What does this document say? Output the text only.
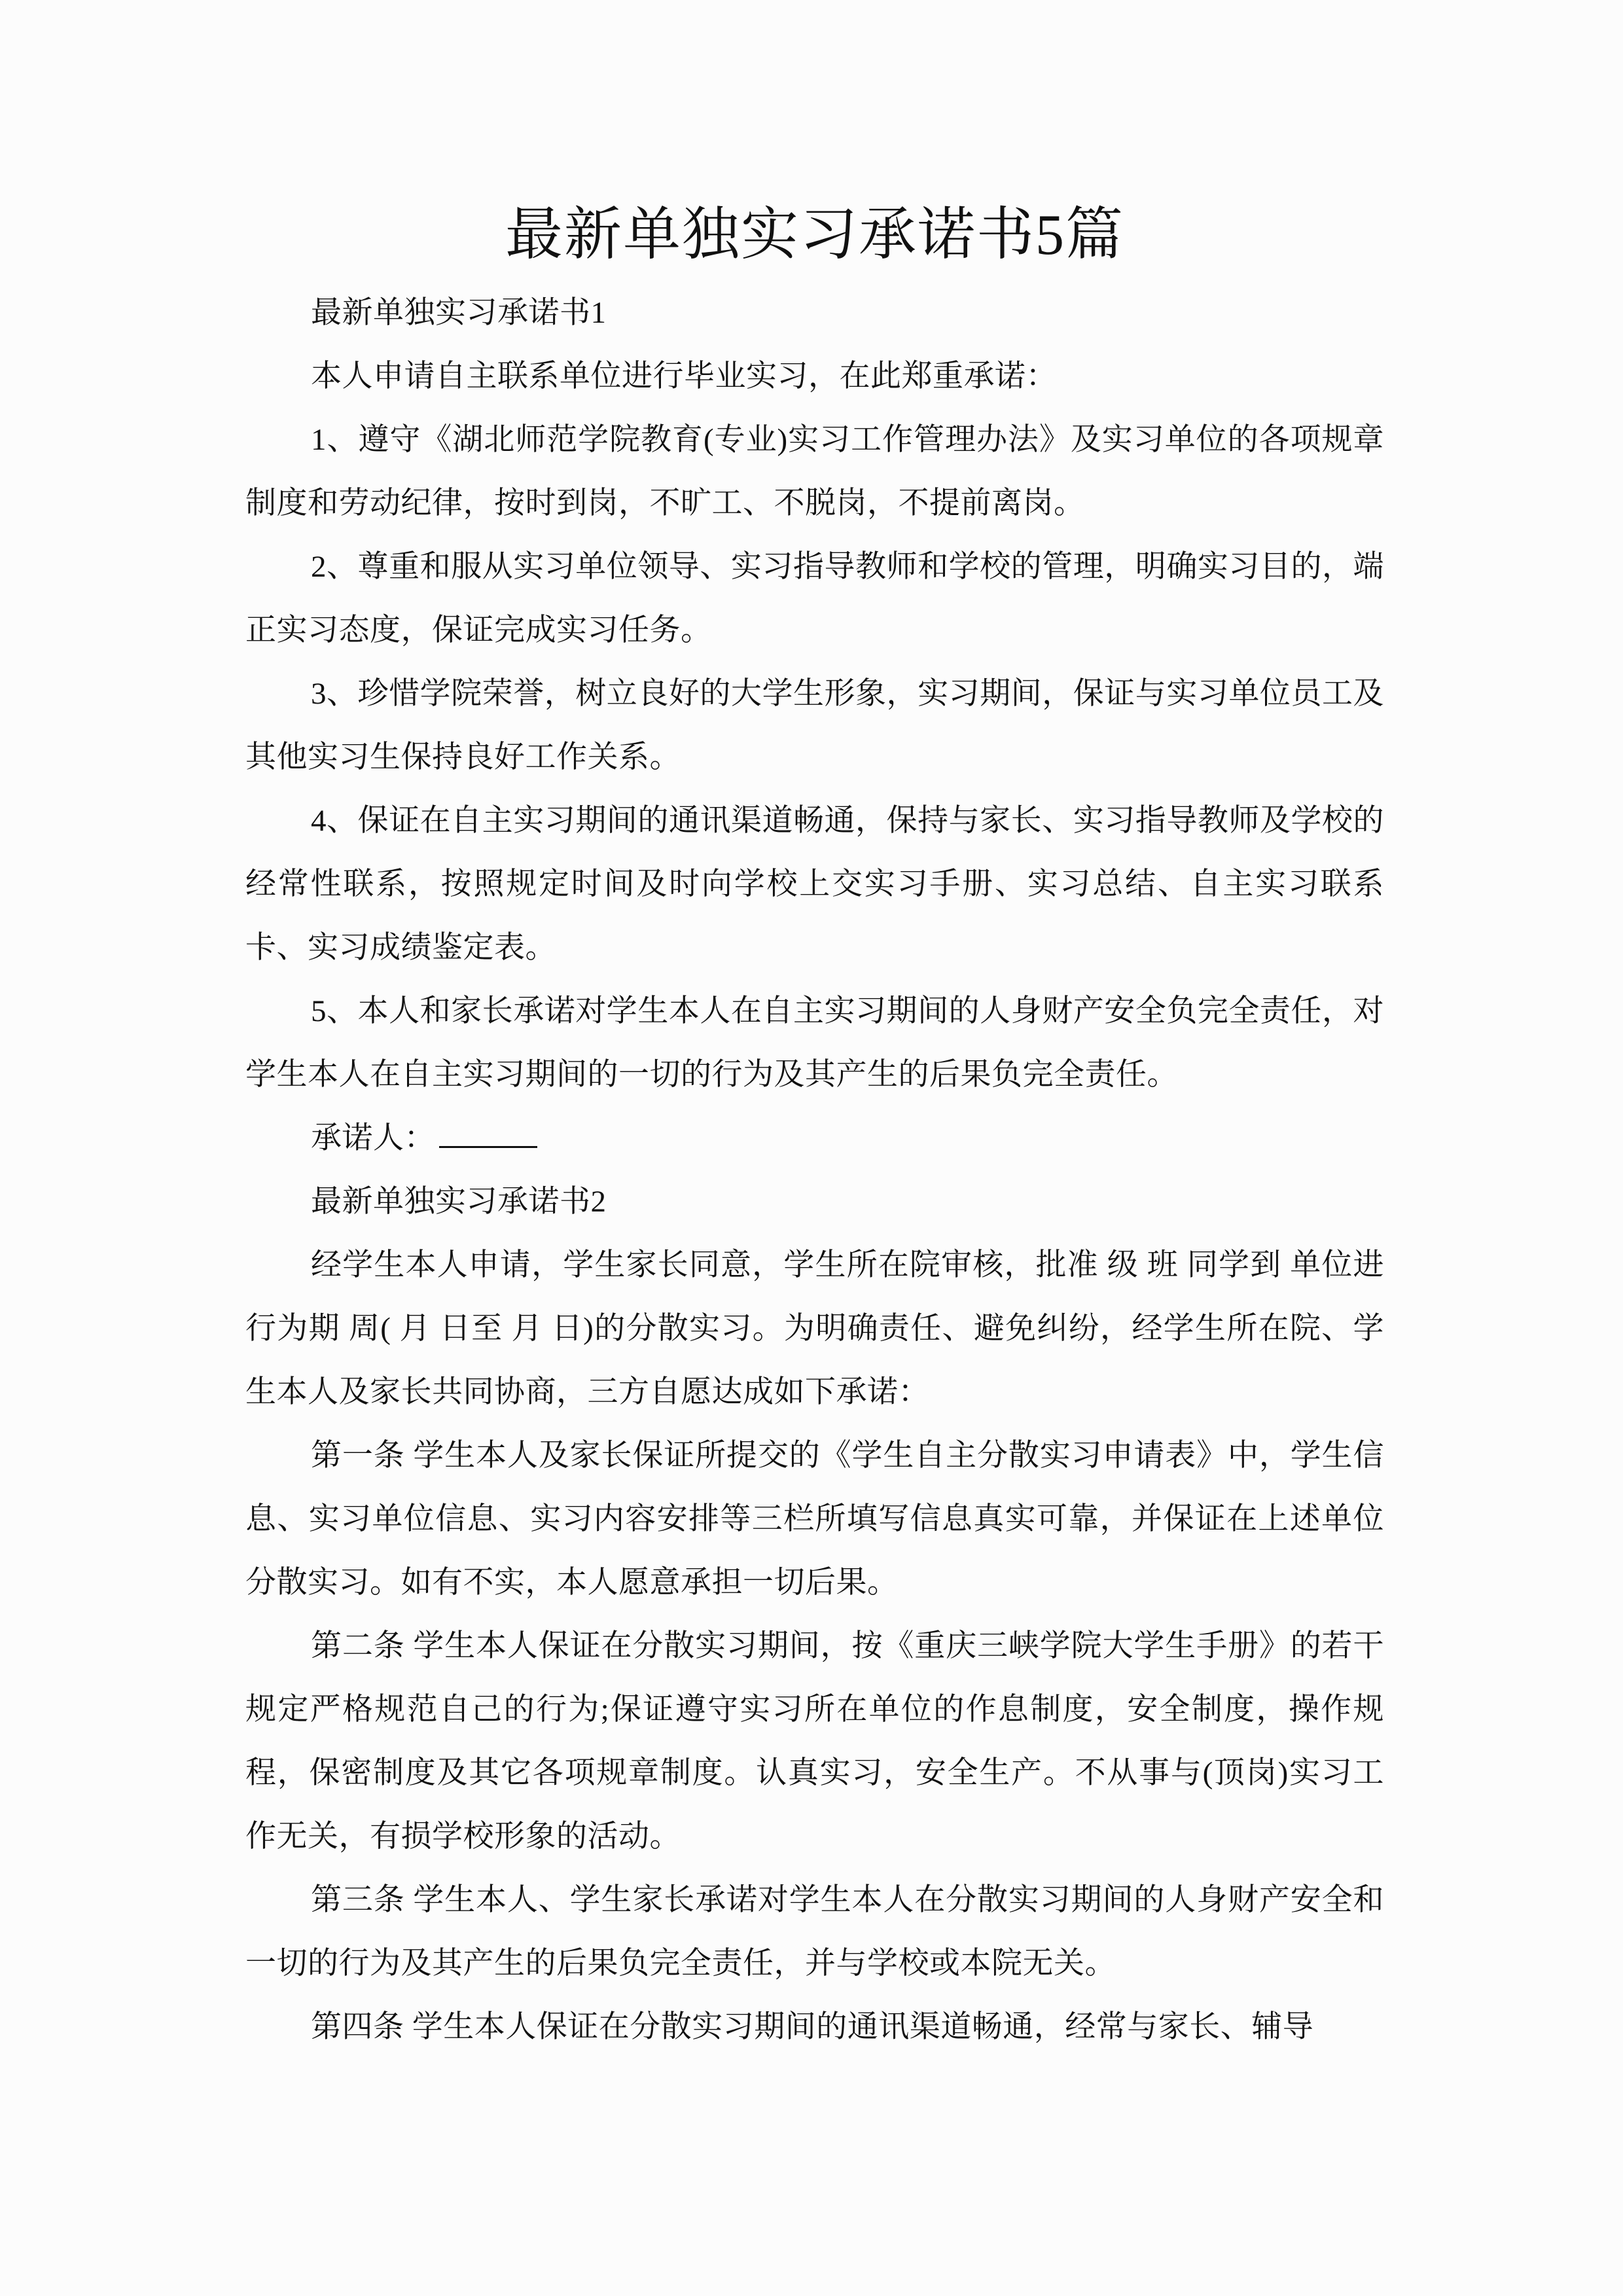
最新单独实习承诺书5篇

最新单独实习承诺书1

本人申请自主联系单位进行毕业实习，在此郑重承诺：

1、遵守《湖北师范学院教育(专业)实习工作管理办法》及实习单位的各项规章制度和劳动纪律，按时到岗，不旷工、不脱岗，不提前离岗。

2、尊重和服从实习单位领导、实习指导教师和学校的管理，明确实习目的，端正实习态度，保证完成实习任务。

3、珍惜学院荣誉，树立良好的大学生形象，实习期间，保证与实习单位员工及其他实习生保持良好工作关系。

4、保证在自主实习期间的通讯渠道畅通，保持与家长、实习指导教师及学校的经常性联系，按照规定时间及时向学校上交实习手册、实习总结、自主实习联系卡、实习成绩鉴定表。

5、本人和家长承诺对学生本人在自主实习期间的人身财产安全负完全责任，对学生本人在自主实习期间的一切的行为及其产生的后果负完全责任。

承诺人：

最新单独实习承诺书2

经学生本人申请，学生家长同意，学生所在院审核，批准 级 班 同学到 单位进行为期 周( 月 日至 月 日)的分散实习。为明确责任、避免纠纷，经学生所在院、学生本人及家长共同协商，三方自愿达成如下承诺：

第一条 学生本人及家长保证所提交的《学生自主分散实习申请表》中，学生信息、实习单位信息、实习内容安排等三栏所填写信息真实可靠，并保证在上述单位分散实习。如有不实，本人愿意承担一切后果。

第二条 学生本人保证在分散实习期间，按《重庆三峡学院大学生手册》的若干规定严格规范自己的行为;保证遵守实习所在单位的作息制度，安全制度，操作规程，保密制度及其它各项规章制度。认真实习，安全生产。不从事与(顶岗)实习工作无关，有损学校形象的活动。

第三条 学生本人、学生家长承诺对学生本人在分散实习期间的人身财产安全和一切的行为及其产生的后果负完全责任，并与学校或本院无关。

第四条 学生本人保证在分散实习期间的通讯渠道畅通，经常与家长、辅导
